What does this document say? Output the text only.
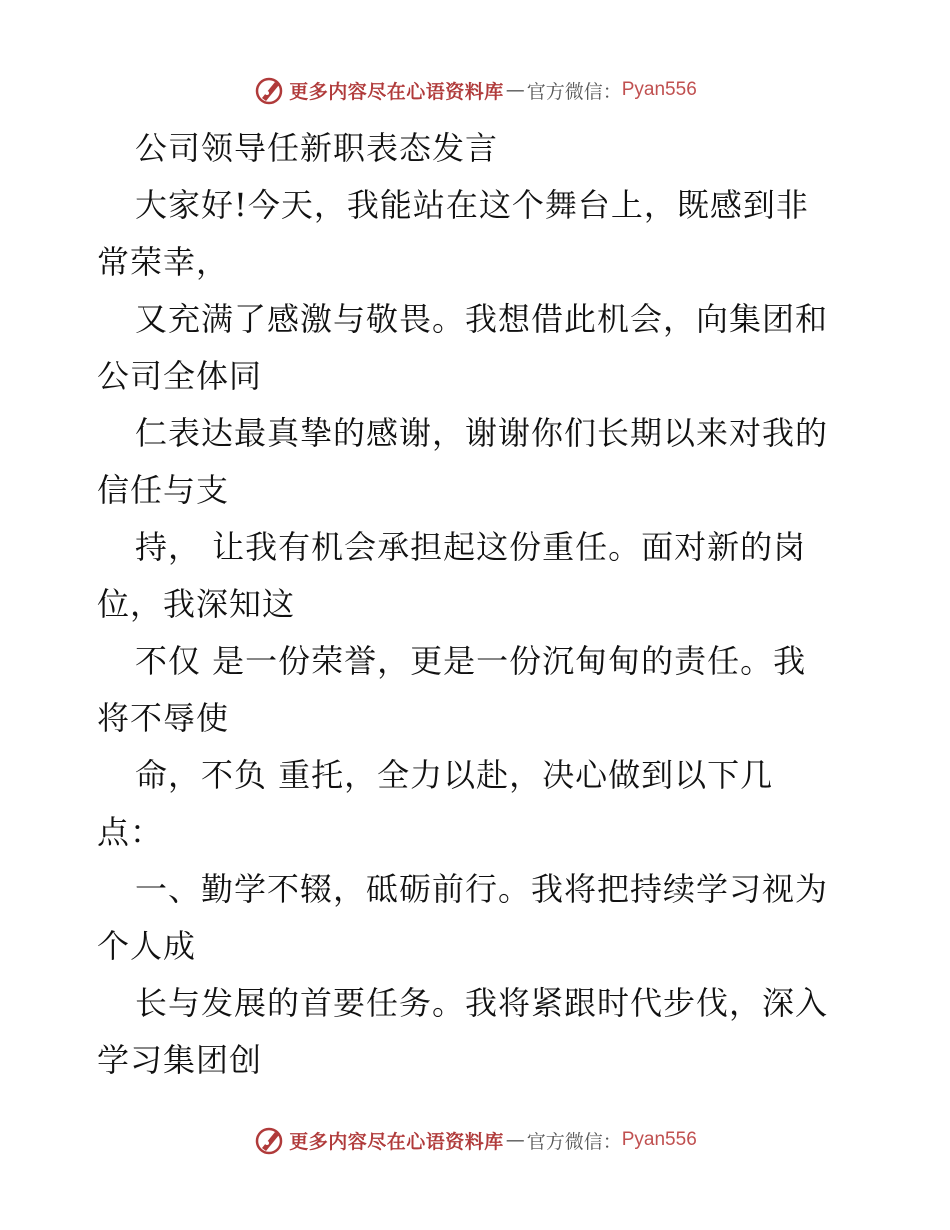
更多内容尽在心语资料库 — 官方微信： Pyan556
公司领导任新职表态发言
大家好!今天，我能站在这个舞台上，既感到非
常荣幸，
又充满了感激与敬畏。我想借此机会，向集团和
公司全体同
仁表达最真挚的感谢，谢谢你们长期以来对我的
信任与支
持， 让我有机会承担起这份重任。面对新的岗
位，我深知这
不仅 是一份荣誉，更是一份沉甸甸的责任。我
将不辱使
命，不负 重托，全力以赴，决心做到以下几
点：
一、勤学不辍，砥砺前行。我将把持续学习视为
个人成
长与发展的首要任务。我将紧跟时代步伐，深入
学习集团创
更多内容尽在心语资料库 — 官方微信： Pyan556
